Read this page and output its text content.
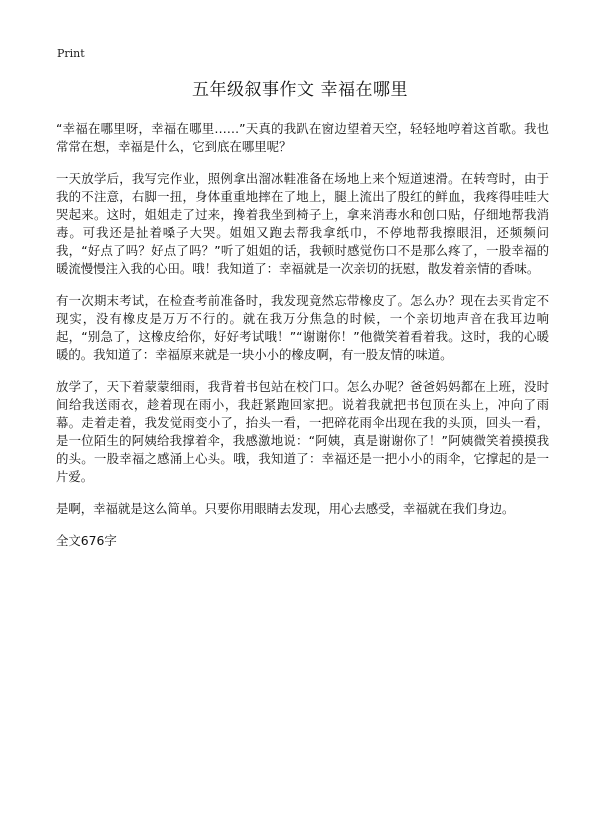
Print
五年级叙事作文 幸福在哪里

“幸福在哪里呀，幸福在哪里……”天真的我趴在窗边望着天空，轻轻地哼着这首歌。我也常常在想，幸福是什么，它到底在哪里呢？

一天放学后，我写完作业，照例拿出溜冰鞋准备在场地上来个短道速滑。在转弯时，由于我的不注意，右脚一扭，身体重重地摔在了地上，腿上流出了殷红的鲜血，我疼得哇哇大哭起来。这时，姐姐走了过来，搀着我坐到椅子上，拿来消毒水和创口贴，仔细地帮我消毒。可我还是扯着嗓子大哭。姐姐又跑去帮我拿纸巾，不停地帮我擦眼泪，还频频问我，“好点了吗？好点了吗？”听了姐姐的话，我顿时感觉伤口不是那么疼了，一股幸福的暖流慢慢注入我的心田。哦！我知道了：幸福就是一次亲切的抚慰，散发着亲情的香味。

有一次期末考试，在检查考前准备时，我发现竟然忘带橡皮了。怎么办？现在去买肯定不现实，没有橡皮是万万不行的。就在我万分焦急的时候，一个亲切地声音在我耳边响起，“别急了，这橡皮给你，好好考试哦！”“谢谢你！”他微笑着看着我。这时，我的心暖暖的。我知道了：幸福原来就是一块小小的橡皮啊，有一股友情的味道。

放学了，天下着蒙蒙细雨，我背着书包站在校门口。怎么办呢？爸爸妈妈都在上班，没时间给我送雨衣，趁着现在雨小，我赶紧跑回家把。说着我就把书包顶在头上，冲向了雨幕。走着走着，我发觉雨变小了，抬头一看，一把碎花雨伞出现在我的头顶，回头一看，是一位陌生的阿姨给我撑着伞，我感激地说：“阿姨，真是谢谢你了！”阿姨微笑着摸摸我的头。一股幸福之感涌上心头。哦，我知道了：幸福还是一把小小的雨伞，它撑起的是一片爱。

是啊，幸福就是这么简单。只要你用眼睛去发现，用心去感受，幸福就在我们身边。

全文676字
